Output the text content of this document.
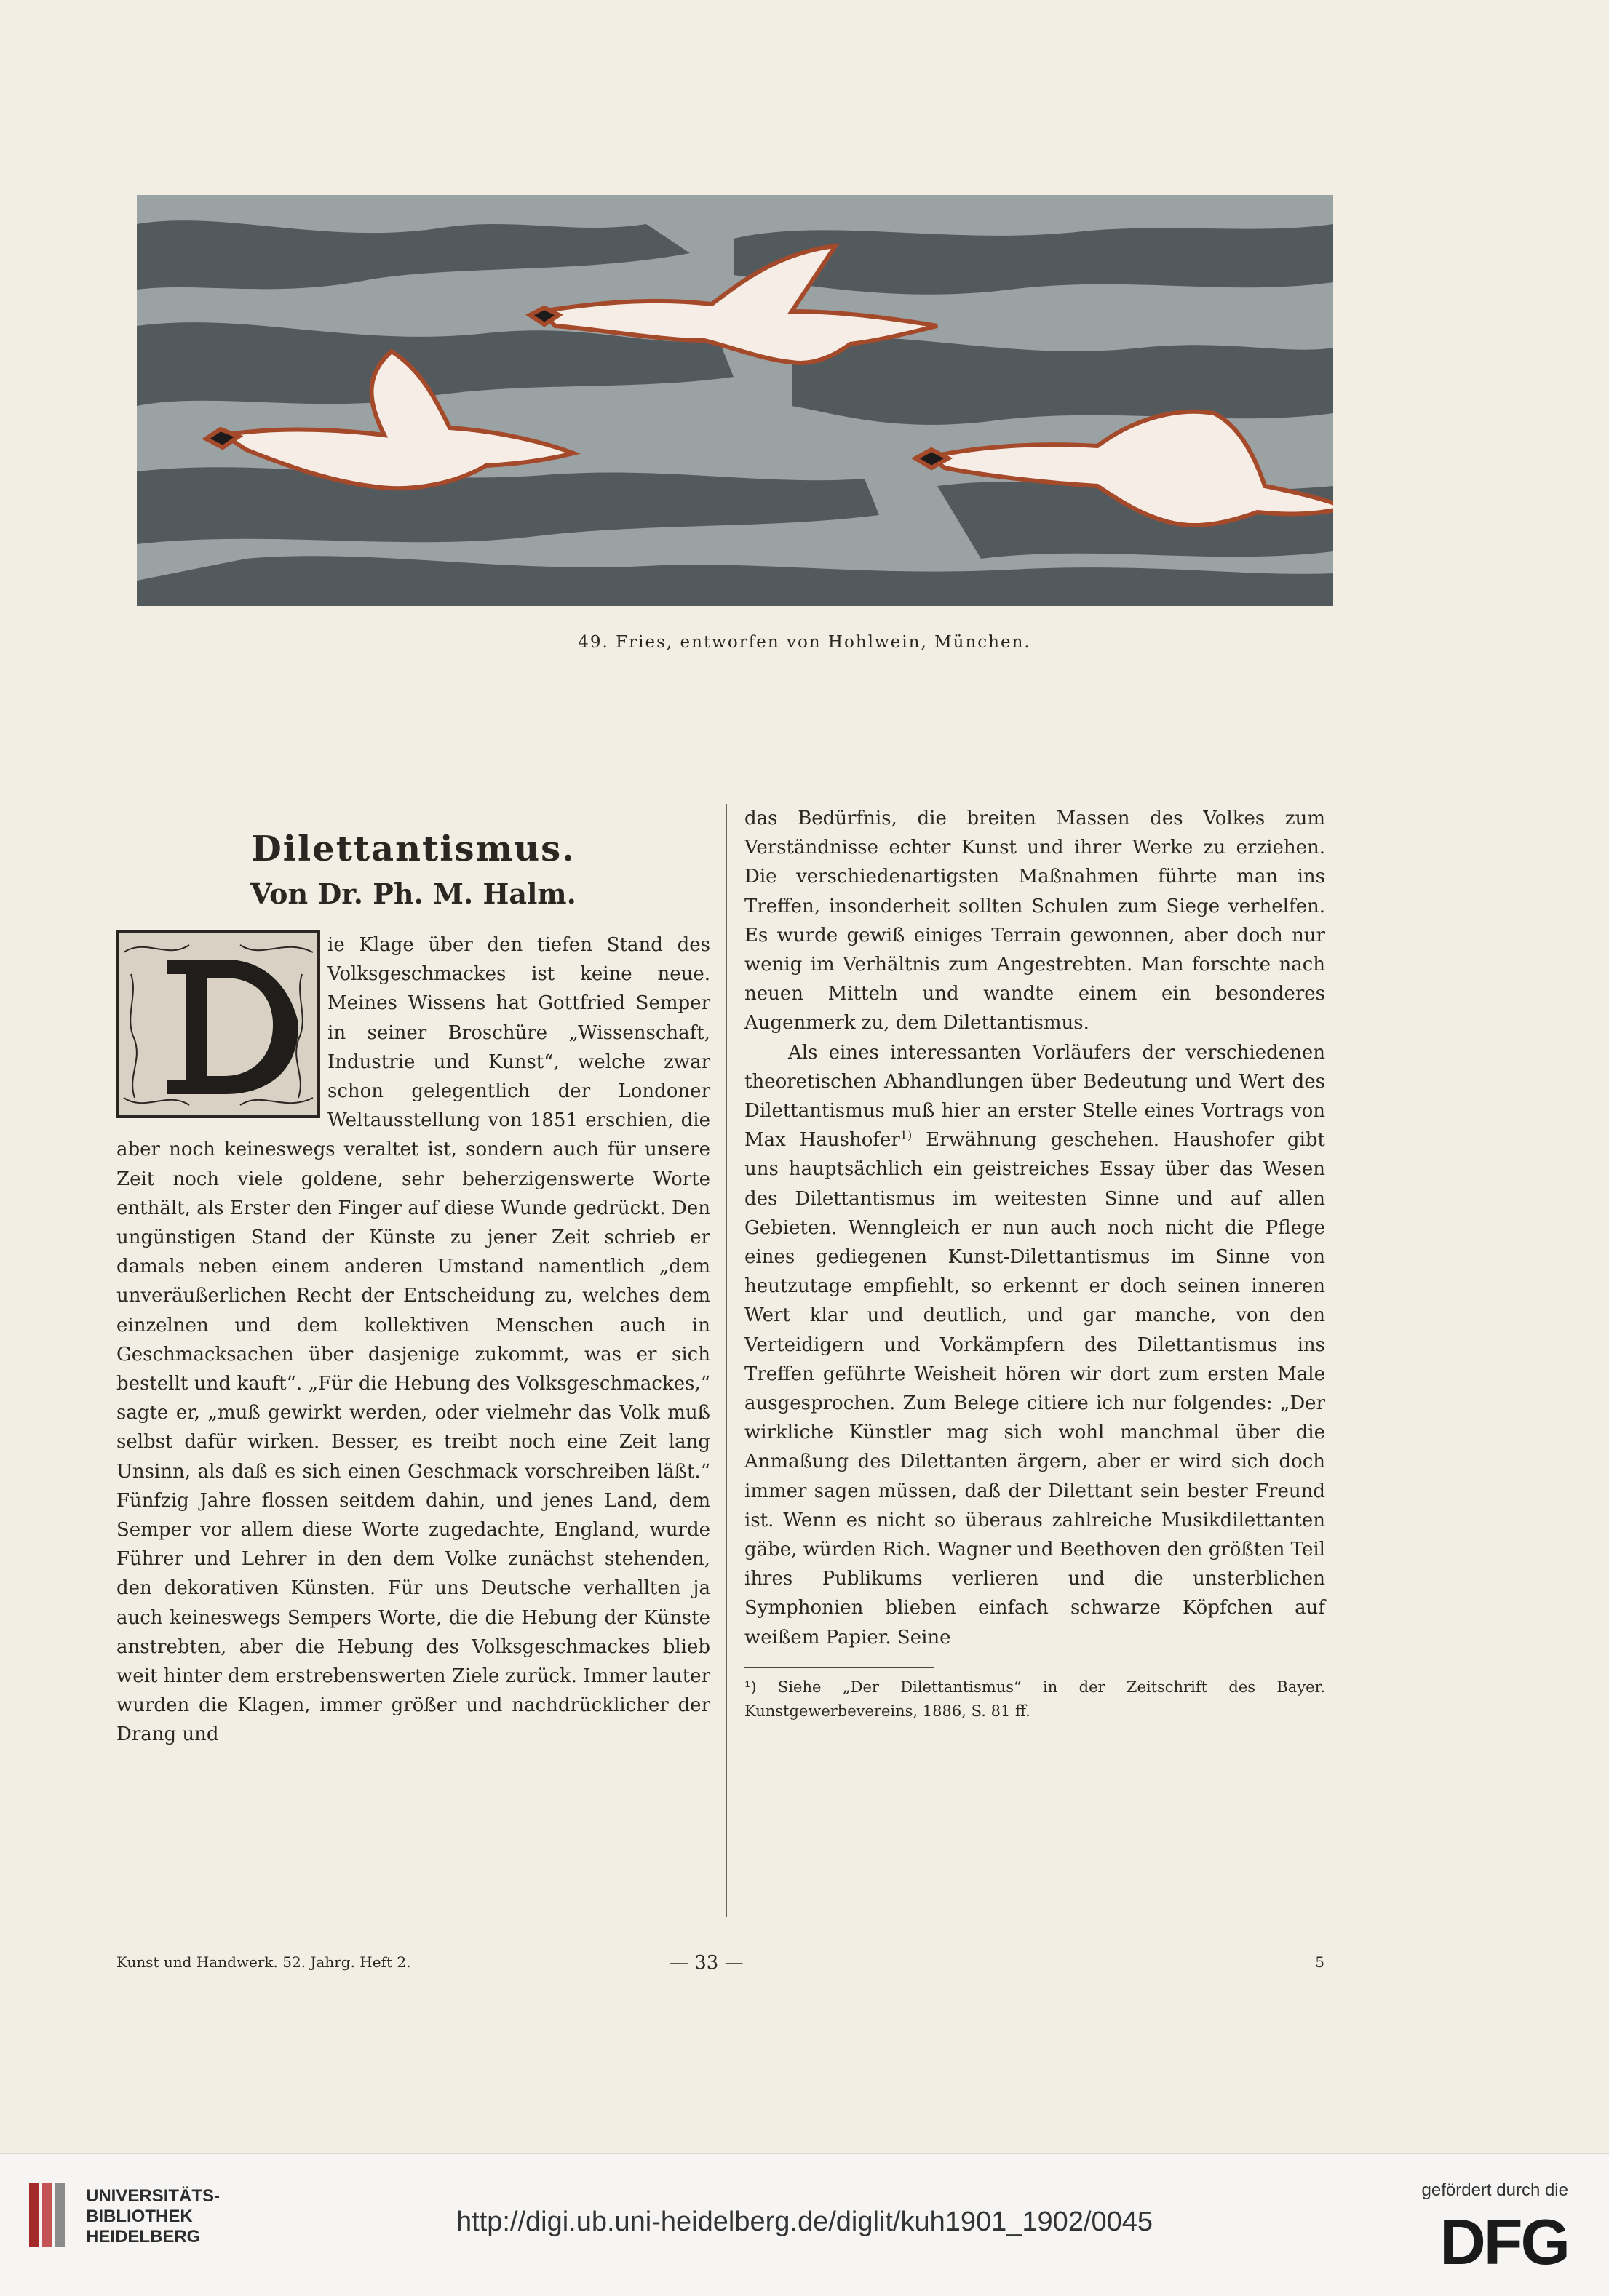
49. Fries, entworfen von Hohlwein, München.
Dilettantismus.
Von Dr. Ph. M. Halm.

ie Klage über den tiefen Stand des Volksgeschmackes ist keine neue. Meines Wissens hat Gottfried Semper in seiner Broschüre „Wissenschaft, Industrie und Kunst“, welche zwar schon gelegentlich der Londoner Weltausstellung von 1851 erschien, die aber noch keineswegs veraltet ist, sondern auch für unsere Zeit noch viele goldene, sehr beherzigenswerte Worte enthält, als Erster den Finger auf diese Wunde gedrückt. Den ungünstigen Stand der Künste zu jener Zeit schrieb er damals neben einem anderen Umstand namentlich „dem unveräußerlichen Recht der Entscheidung zu, welches dem einzelnen und dem kollektiven Menschen auch in Geschmacksachen über dasjenige zukommt, was er sich bestellt und kauft“. „Für die Hebung des Volksgeschmackes,“ sagte er, „muß gewirkt werden, oder vielmehr das Volk muß selbst dafür wirken. Besser, es treibt noch eine Zeit lang Unsinn, als daß es sich einen Geschmack vorschreiben läßt.“ Fünfzig Jahre flossen seitdem dahin, und jenes Land, dem Semper vor allem diese Worte zugedachte, England, wurde Führer und Lehrer in den dem Volke zunächst stehenden, den dekorativen Künsten. Für uns Deutsche verhallten ja auch keineswegs Sempers Worte, die die Hebung der Künste anstrebten, aber die Hebung des Volksgeschmackes blieb weit hinter dem erstrebenswerten Ziele zurück. Immer lauter wurden die Klagen, immer größer und nachdrücklicher der Drang und

das Bedürfnis, die breiten Massen des Volkes zum Verständnisse echter Kunst und ihrer Werke zu erziehen. Die verschiedenartigsten Maßnahmen führte man ins Treffen, insonderheit sollten Schulen zum Siege verhelfen. Es wurde gewiß einiges Terrain gewonnen, aber doch nur wenig im Verhältnis zum Angestrebten. Man forschte nach neuen Mitteln und wandte einem ein besonderes Augenmerk zu, dem Dilettantismus.

Als eines interessanten Vorläufers der verschiedenen theoretischen Abhandlungen über Bedeutung und Wert des Dilettantismus muß hier an erster Stelle eines Vortrags von Max Haushofer$^{1)}$ Erwähnung geschehen. Haushofer gibt uns hauptsächlich ein geistreiches Essay über das Wesen des Dilettantismus im weitesten Sinne und auf allen Gebieten. Wenngleich er nun auch noch nicht die Pflege eines gediegenen Kunst-Dilettantismus im Sinne von heutzutage empfiehlt, so erkennt er doch seinen inneren Wert klar und deutlich, und gar manche, von den Verteidigern und Vorkämpfern des Dilettantismus ins Treffen geführte Weisheit hören wir dort zum ersten Male ausgesprochen. Zum Belege citiere ich nur folgendes: „Der wirkliche Künstler mag sich wohl manchmal über die Anmaßung des Dilettanten ärgern, aber er wird sich doch immer sagen müssen, daß der Dilettant sein bester Freund ist. Wenn es nicht so überaus zahlreiche Musikdilettanten gäbe, würden Rich. Wagner und Beethoven den größten Teil ihres Publikums verlieren und die unsterblichen Symphonien blieben einfach schwarze Köpfchen auf weißem Papier. Seine

¹) Siehe „Der Dilettantismus“ in der Zeitschrift des Bayer. Kunstgewerbevereins, 1886, S. 81 ff.
Kunst und Handwerk. 52. Jahrg. Heft 2.	— 33 —	5
UNIVERSITÄTS-
BIBLIOTHEK
HEIDELBERG	http://digi.ub.uni-heidelberg.de/diglit/kuh1901_1902/0045
gefördert durch die
DFG
